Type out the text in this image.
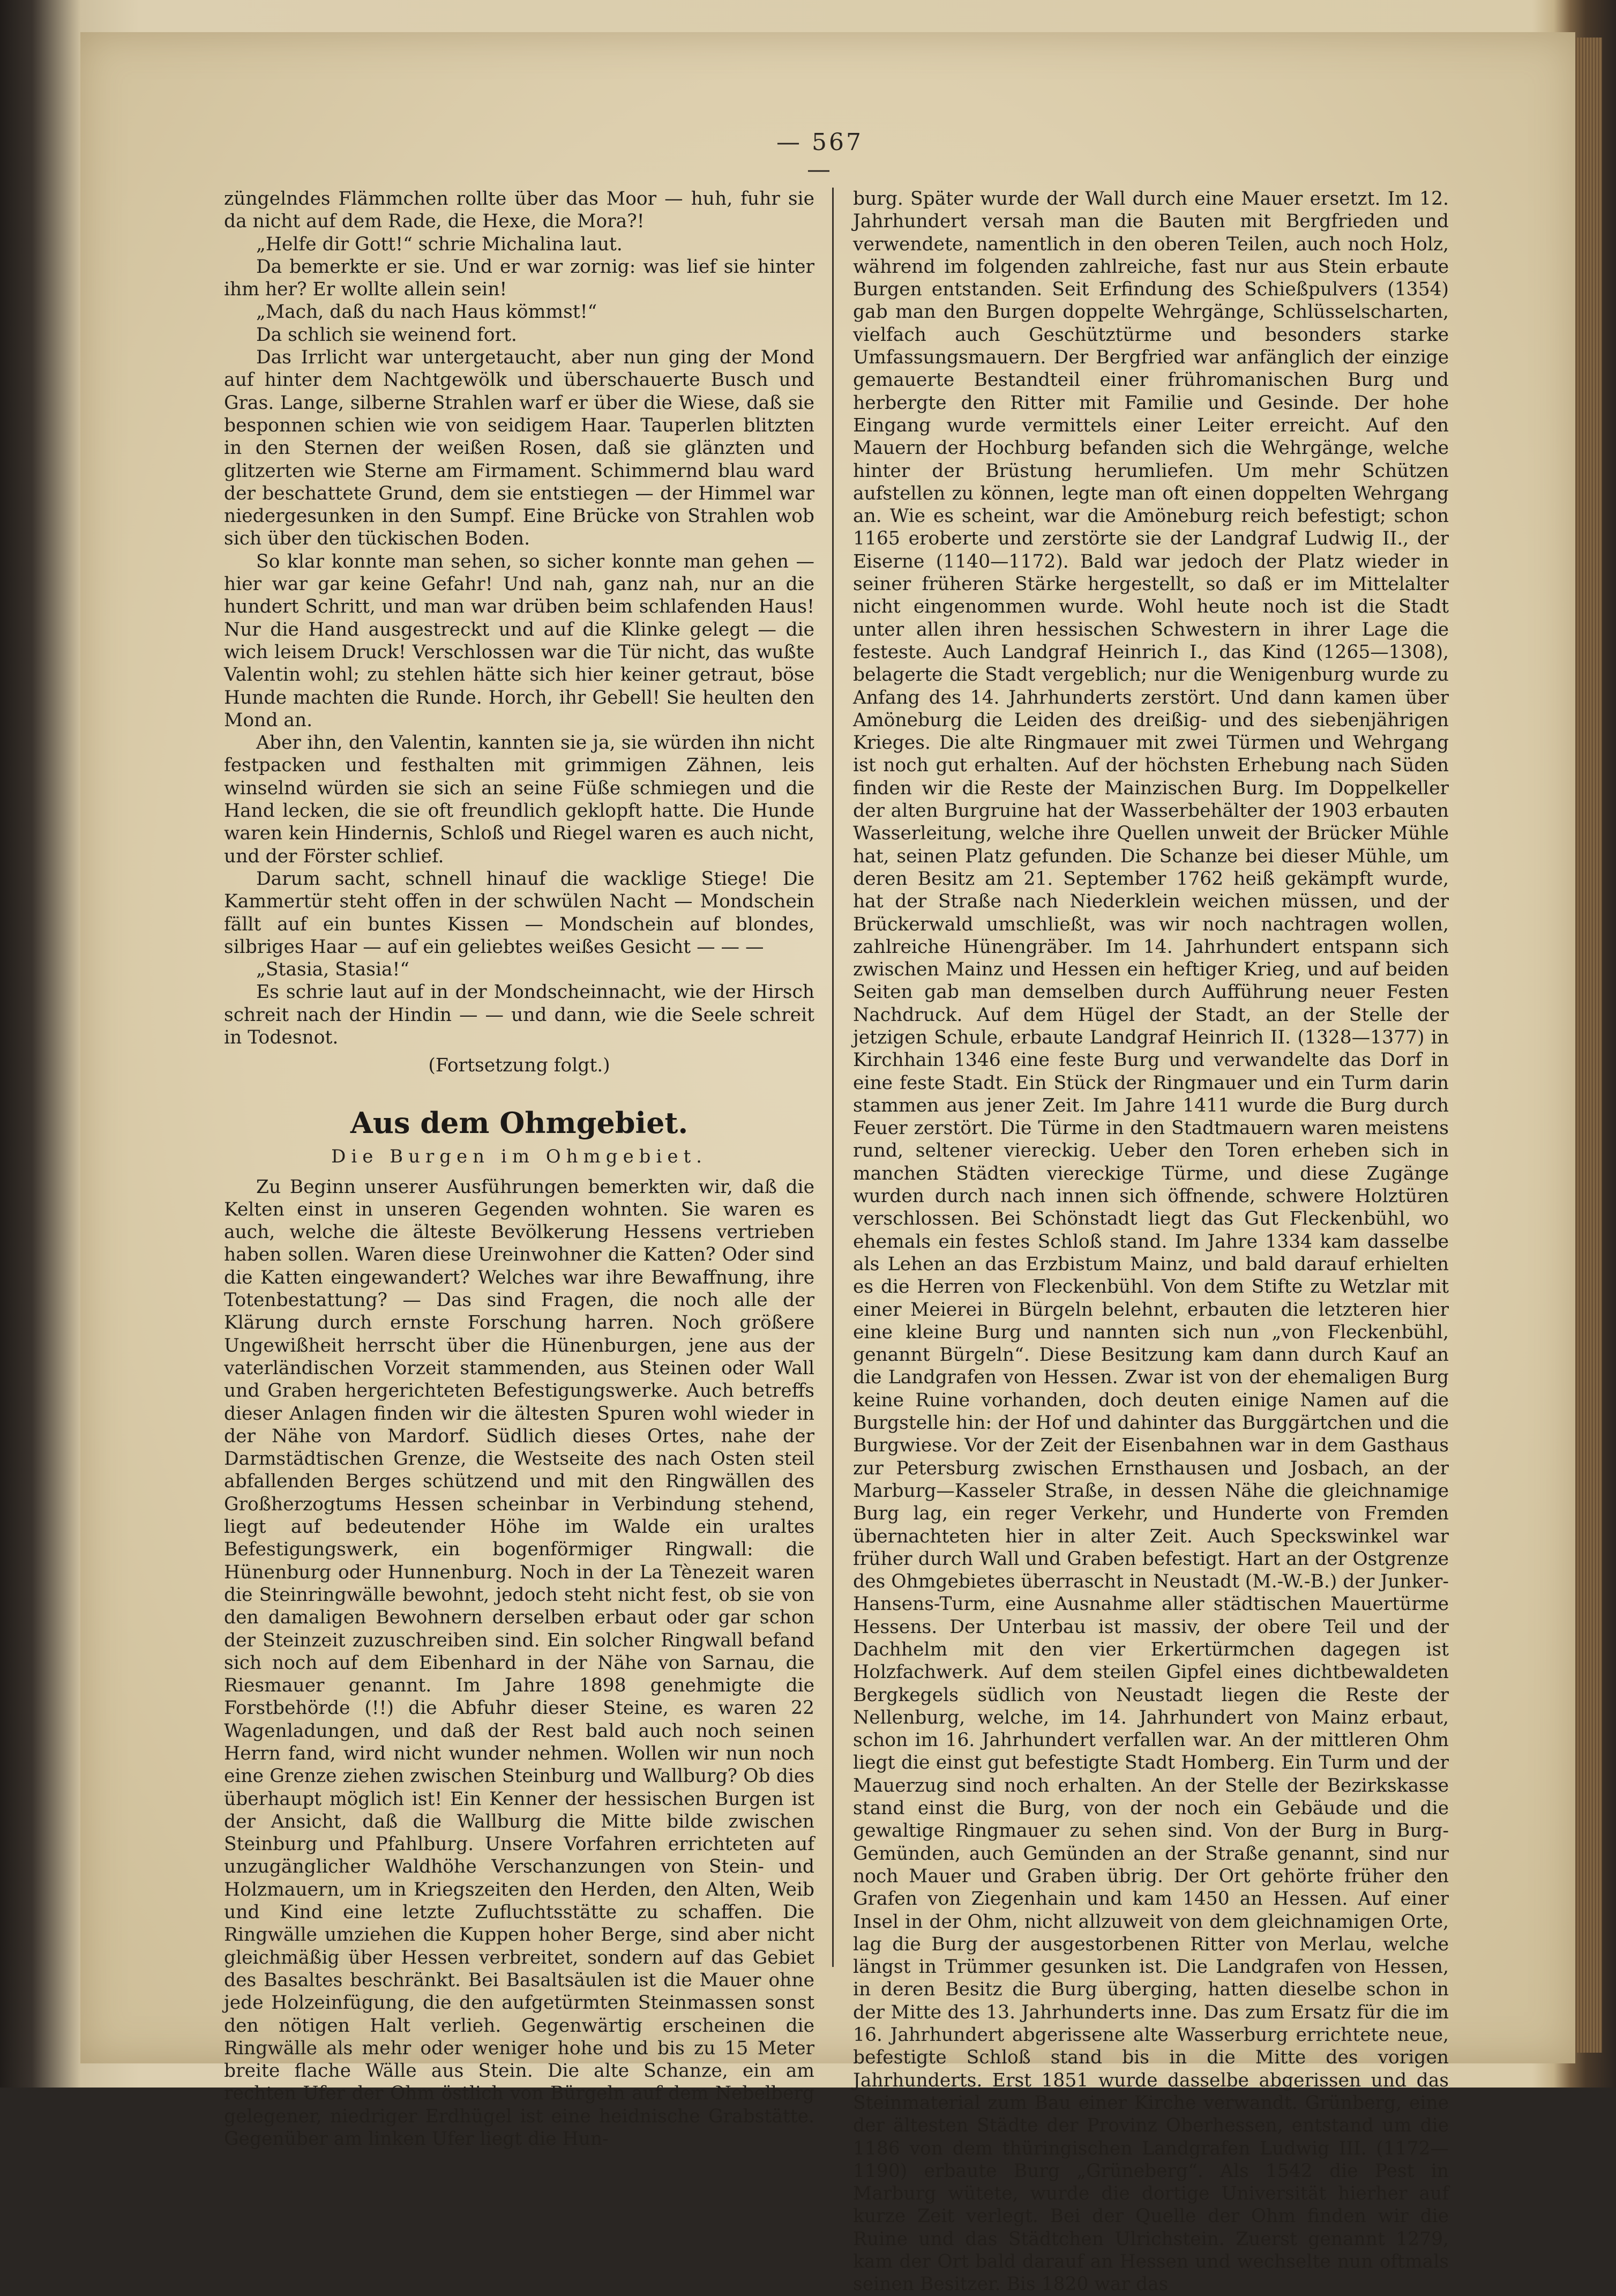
— 567 —

züngelndes Flämmchen rollte über das Moor — huh, fuhr sie da nicht auf dem Rade, die Hexe, die Mora?!

„Helfe dir Gott!“ schrie Michalina laut.

Da bemerkte er sie. Und er war zornig: was lief sie hinter ihm her? Er wollte allein sein!

„Mach, daß du nach Haus kömmst!“

Da schlich sie weinend fort.

Das Irrlicht war untergetaucht, aber nun ging der Mond auf hinter dem Nachtgewölk und überschauerte Busch und Gras. Lange, silberne Strahlen warf er über die Wiese, daß sie besponnen schien wie von seidigem Haar. Tauperlen blitzten in den Sternen der weißen Rosen, daß sie glänzten und glitzerten wie Sterne am Firmament. Schimmernd blau ward der beschattete Grund, dem sie entstiegen — der Himmel war niedergesunken in den Sumpf. Eine Brücke von Strahlen wob sich über den tückischen Boden.

So klar konnte man sehen, so sicher konnte man gehen — hier war gar keine Gefahr! Und nah, ganz nah, nur an die hundert Schritt, und man war drüben beim schlafenden Haus! Nur die Hand ausgestreckt und auf die Klinke gelegt — die wich leisem Druck! Verschlossen war die Tür nicht, das wußte Valentin wohl; zu stehlen hätte sich hier keiner getraut, böse Hunde machten die Runde. Horch, ihr Gebell! Sie heulten den Mond an.

Aber ihn, den Valentin, kannten sie ja, sie würden ihn nicht festpacken und festhalten mit grimmigen Zähnen, leis winselnd würden sie sich an seine Füße schmiegen und die Hand lecken, die sie oft freundlich geklopft hatte. Die Hunde waren kein Hindernis, Schloß und Riegel waren es auch nicht, und der Förster schlief.

Darum sacht, schnell hinauf die wacklige Stiege! Die Kammertür steht offen in der schwülen Nacht — Mondschein fällt auf ein buntes Kissen — Mondschein auf blondes, silbriges Haar — auf ein geliebtes weißes Gesicht — — —

„Stasia, Stasia!“

Es schrie laut auf in der Mondscheinnacht, wie der Hirsch schreit nach der Hindin — — und dann, wie die Seele schreit in Todesnot.

(Fortsetzung folgt.)

Aus dem Ohmgebiet.
Die Burgen im Ohmgebiet.

Zu Beginn unserer Ausführungen bemerkten wir, daß die Kelten einst in unseren Gegenden wohnten. Sie waren es auch, welche die älteste Bevölkerung Hessens vertrieben haben sollen. Waren diese Ureinwohner die Katten? Oder sind die Katten eingewandert? Welches war ihre Bewaffnung, ihre Totenbestattung? — Das sind Fragen, die noch alle der Klärung durch ernste Forschung harren. Noch größere Ungewißheit herrscht über die Hünenburgen, jene aus der vaterländischen Vorzeit stammenden, aus Steinen oder Wall und Graben hergerichteten Befestigungswerke. Auch betreffs dieser Anlagen finden wir die ältesten Spuren wohl wieder in der Nähe von Mardorf. Südlich dieses Ortes, nahe der Darmstädtischen Grenze, die Westseite des nach Osten steil abfallenden Berges schützend und mit den Ringwällen des Großherzogtums Hessen scheinbar in Verbindung stehend, liegt auf bedeutender Höhe im Walde ein uraltes Befestigungswerk, ein bogenförmiger Ringwall: die Hünenburg oder Hunnenburg. Noch in der La Tènezeit waren die Steinringwälle bewohnt, jedoch steht nicht fest, ob sie von den damaligen Bewohnern derselben erbaut oder gar schon der Steinzeit zuzuschreiben sind. Ein solcher Ringwall befand sich noch auf dem Eibenhard in der Nähe von Sarnau, die Riesmauer genannt. Im Jahre 1898 genehmigte die Forstbehörde (!!) die Abfuhr dieser Steine, es waren 22 Wagenladungen, und daß der Rest bald auch noch seinen Herrn fand, wird nicht wunder nehmen. Wollen wir nun noch eine Grenze ziehen zwischen Steinburg und Wallburg? Ob dies überhaupt möglich ist! Ein Kenner der hessischen Burgen ist der Ansicht, daß die Wallburg die Mitte bilde zwischen Steinburg und Pfahlburg. Unsere Vorfahren errichteten auf unzugänglicher Waldhöhe Verschanzungen von Stein- und Holzmauern, um in Kriegszeiten den Herden, den Alten, Weib und Kind eine letzte Zufluchtsstätte zu schaffen. Die Ringwälle umziehen die Kuppen hoher Berge, sind aber nicht gleichmäßig über Hessen verbreitet, sondern auf das Gebiet des Basaltes beschränkt. Bei Basaltsäulen ist die Mauer ohne jede Holzeinfügung, die den aufgetürmten Steinmassen sonst den nötigen Halt verlieh. Gegenwärtig erscheinen die Ringwälle als mehr oder weniger hohe und bis zu 15 Meter breite flache Wälle aus Stein. Die alte Schanze, ein am rechten Ufer der Ohm östlich von Bürgeln auf dem Nebelberg gelegener, niedriger Erdhügel ist eine heidnische Grabstätte. Gegenüber am linken Ufer liegt die Hun-

burg. Später wurde der Wall durch eine Mauer ersetzt. Im 12. Jahrhundert versah man die Bauten mit Bergfrieden und verwendete, namentlich in den oberen Teilen, auch noch Holz, während im folgenden zahlreiche, fast nur aus Stein erbaute Burgen entstanden. Seit Erfindung des Schießpulvers (1354) gab man den Burgen doppelte Wehrgänge, Schlüsselscharten, vielfach auch Geschütztürme und besonders starke Umfassungsmauern. Der Bergfried war anfänglich der einzige gemauerte Bestandteil einer frühromanischen Burg und herbergte den Ritter mit Familie und Gesinde. Der hohe Eingang wurde vermittels einer Leiter erreicht. Auf den Mauern der Hochburg befanden sich die Wehrgänge, welche hinter der Brüstung herumliefen. Um mehr Schützen aufstellen zu können, legte man oft einen doppelten Wehrgang an. Wie es scheint, war die Amöneburg reich befestigt; schon 1165 eroberte und zerstörte sie der Landgraf Ludwig II., der Eiserne (1140—1172). Bald war jedoch der Platz wieder in seiner früheren Stärke hergestellt, so daß er im Mittelalter nicht eingenommen wurde. Wohl heute noch ist die Stadt unter allen ihren hessischen Schwestern in ihrer Lage die festeste. Auch Landgraf Heinrich I., das Kind (1265—1308), belagerte die Stadt vergeblich; nur die Wenigenburg wurde zu Anfang des 14. Jahrhunderts zerstört. Und dann kamen über Amöneburg die Leiden des dreißig- und des siebenjährigen Krieges. Die alte Ringmauer mit zwei Türmen und Wehrgang ist noch gut erhalten. Auf der höchsten Erhebung nach Süden finden wir die Reste der Mainzischen Burg. Im Doppelkeller der alten Burgruine hat der Wasserbehälter der 1903 erbauten Wasserleitung, welche ihre Quellen unweit der Brücker Mühle hat, seinen Platz gefunden. Die Schanze bei dieser Mühle, um deren Besitz am 21. September 1762 heiß gekämpft wurde, hat der Straße nach Niederklein weichen müssen, und der Brückerwald umschließt, was wir noch nachtragen wollen, zahlreiche Hünengräber. Im 14. Jahrhundert entspann sich zwischen Mainz und Hessen ein heftiger Krieg, und auf beiden Seiten gab man demselben durch Aufführung neuer Festen Nachdruck. Auf dem Hügel der Stadt, an der Stelle der jetzigen Schule, erbaute Landgraf Heinrich II. (1328—1377) in Kirchhain 1346 eine feste Burg und verwandelte das Dorf in eine feste Stadt. Ein Stück der Ringmauer und ein Turm darin stammen aus jener Zeit. Im Jahre 1411 wurde die Burg durch Feuer zerstört. Die Türme in den Stadtmauern waren meistens rund, seltener viereckig. Ueber den Toren erheben sich in manchen Städten viereckige Türme, und diese Zugänge wurden durch nach innen sich öffnende, schwere Holztüren verschlossen. Bei Schönstadt liegt das Gut Fleckenbühl, wo ehemals ein festes Schloß stand. Im Jahre 1334 kam dasselbe als Lehen an das Erzbistum Mainz, und bald darauf erhielten es die Herren von Fleckenbühl. Von dem Stifte zu Wetzlar mit einer Meierei in Bürgeln belehnt, erbauten die letzteren hier eine kleine Burg und nannten sich nun „von Fleckenbühl, genannt Bürgeln“. Diese Besitzung kam dann durch Kauf an die Landgrafen von Hessen. Zwar ist von der ehemaligen Burg keine Ruine vorhanden, doch deuten einige Namen auf die Burgstelle hin: der Hof und dahinter das Burggärtchen und die Burgwiese. Vor der Zeit der Eisenbahnen war in dem Gasthaus zur Petersburg zwischen Ernsthausen und Josbach, an der Marburg—Kasseler Straße, in dessen Nähe die gleichnamige Burg lag, ein reger Verkehr, und Hunderte von Fremden übernachteten hier in alter Zeit. Auch Speckswinkel war früher durch Wall und Graben befestigt. Hart an der Ostgrenze des Ohmgebietes überrascht in Neustadt (M.-W.-B.) der Junker-Hansens-Turm, eine Ausnahme aller städtischen Mauertürme Hessens. Der Unterbau ist massiv, der obere Teil und der Dachhelm mit den vier Erkertürmchen dagegen ist Holzfachwerk. Auf dem steilen Gipfel eines dichtbewaldeten Bergkegels südlich von Neustadt liegen die Reste der Nellenburg, welche, im 14. Jahrhundert von Mainz erbaut, schon im 16. Jahrhundert verfallen war. An der mittleren Ohm liegt die einst gut befestigte Stadt Homberg. Ein Turm und der Mauerzug sind noch erhalten. An der Stelle der Bezirkskasse stand einst die Burg, von der noch ein Gebäude und die gewaltige Ringmauer zu sehen sind. Von der Burg in Burg-Gemünden, auch Gemünden an der Straße genannt, sind nur noch Mauer und Graben übrig. Der Ort gehörte früher den Grafen von Ziegenhain und kam 1450 an Hessen. Auf einer Insel in der Ohm, nicht allzuweit von dem gleichnamigen Orte, lag die Burg der ausgestorbenen Ritter von Merlau, welche längst in Trümmer gesunken ist. Die Landgrafen von Hessen, in deren Besitz die Burg überging, hatten dieselbe schon in der Mitte des 13. Jahrhunderts inne. Das zum Ersatz für die im 16. Jahrhundert abgerissene alte Wasserburg errichtete neue, befestigte Schloß stand bis in die Mitte des vorigen Jahrhunderts. Erst 1851 wurde dasselbe abgerissen und das Steinmaterial zum Bau einer Kirche verwandt. Grünberg, eine der ältesten Städte der Provinz Oberhessen, entstand um die 1186 von dem thüringischen Landgrafen Ludwig III. (1172—1190) erbaute Burg „Grüneberg“. Als 1542 die Pest in Marburg wütete, wurde die dortige Universität hierher auf kurze Zeit verlegt. Bei der Quelle der Ohm finden wir die Ruine und das Städtchen Ulrichstein. Zuerst genannt 1279, kam der Ort bald darauf an Hessen und wechselte nun oftmals seinen Besitzer. Bis 1820 war das
